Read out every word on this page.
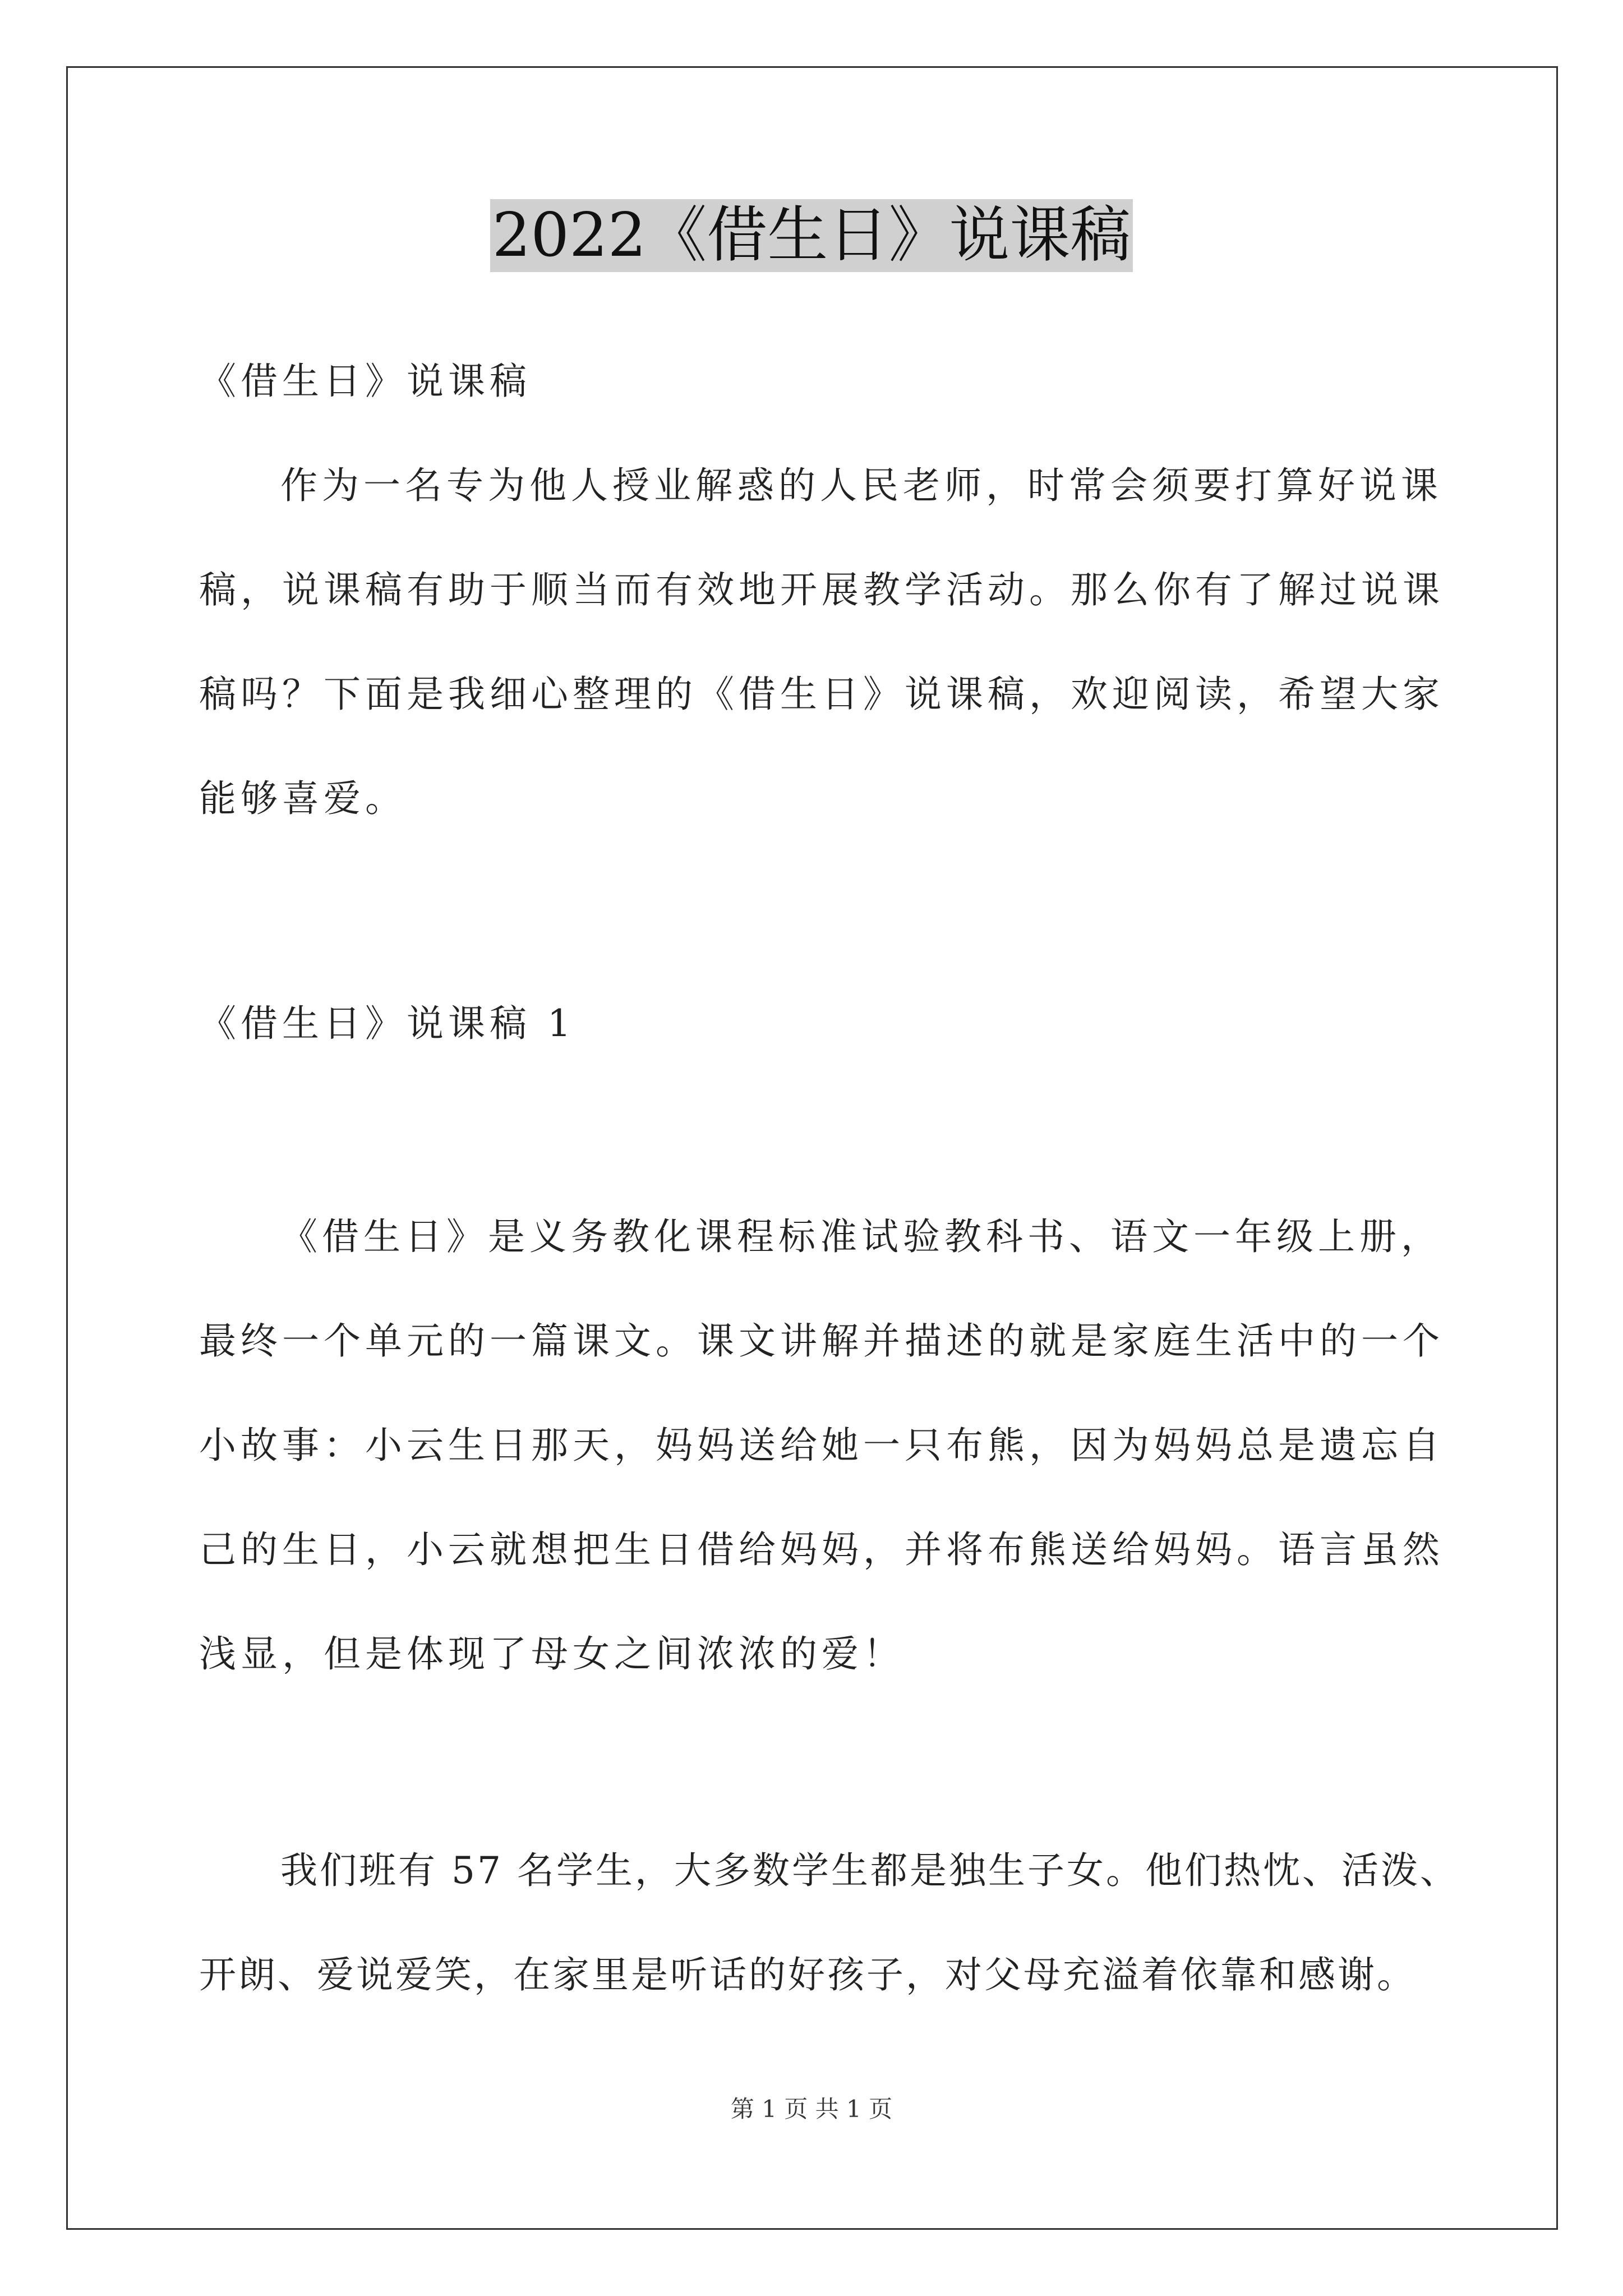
2022《借生日》说课稿
《借生日》说课稿
作为一名专为他人授业解惑的人民老师，时常会须要打算好说课
稿，说课稿有助于顺当而有效地开展教学活动。那么你有了解过说课
稿吗？下面是我细心整理的《借生日》说课稿，欢迎阅读，希望大家
能够喜爱。
《借生日》说课稿 1
《借生日》是义务教化课程标准试验教科书、语文一年级上册，
最终一个单元的一篇课文。课文讲解并描述的就是家庭生活中的一个
小故事：小云生日那天，妈妈送给她一只布熊，因为妈妈总是遗忘自
己的生日，小云就想把生日借给妈妈，并将布熊送给妈妈。语言虽然
浅显，但是体现了母女之间浓浓的爱！
我们班有 57 名学生，大多数学生都是独生子女。他们热忱、活泼、
开朗、爱说爱笑，在家里是听话的好孩子，对父母充溢着依靠和感谢。
第 1 页 共 1 页
